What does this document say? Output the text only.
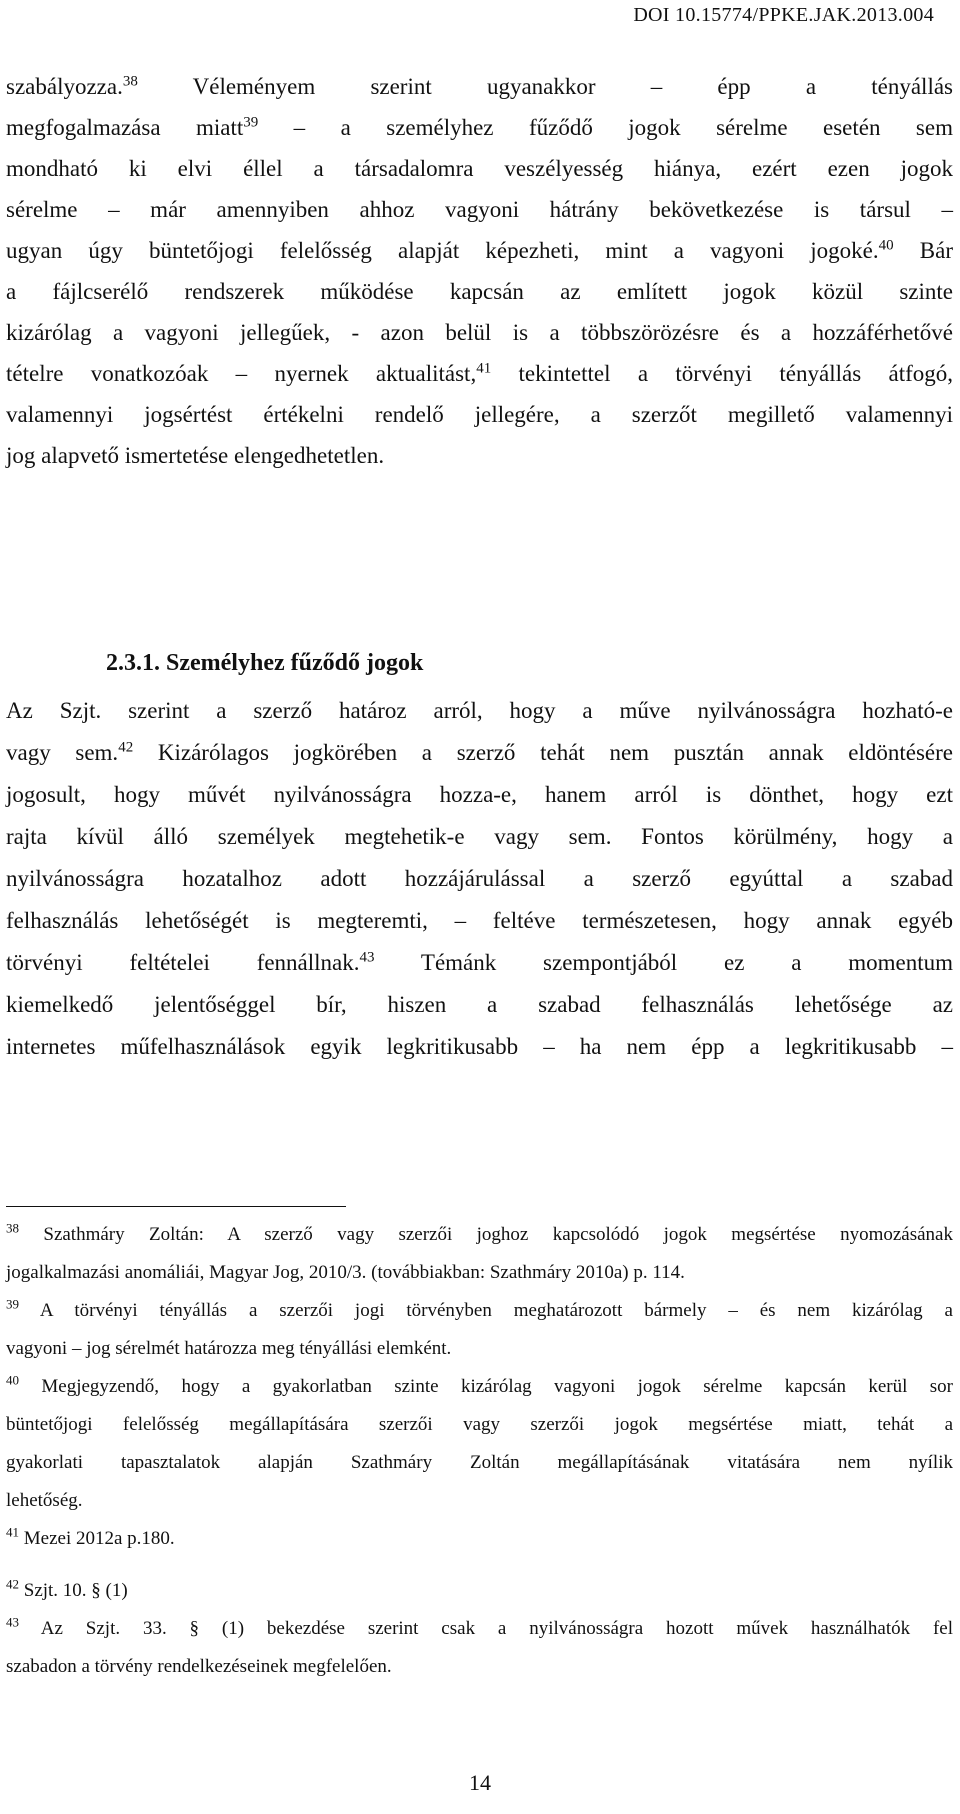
DOI 10.15774/PPKE.JAK.2013.004
szabályozza.$^{38}$ Véleményem szerint ugyanakkor – épp a tényállás
megfogalmazása miatt$^{39}$ – a személyhez fűződő jogok sérelme esetén sem
mondható ki elvi éllel a társadalomra veszélyesség hiánya, ezért ezen jogok
sérelme – már amennyiben ahhoz vagyoni hátrány bekövetkezése is társul –
ugyan úgy büntetőjogi felelősség alapját képezheti, mint a vagyoni jogoké.$^{40}$ Bár
a fájlcserélő rendszerek működése kapcsán az említett jogok közül szinte
kizárólag a vagyoni jellegűek, - azon belül is a többszörözésre és a hozzáférhetővé
tételre vonatkozóak – nyernek aktualitást,$^{41}$ tekintettel a törvényi tényállás átfogó,
valamennyi jogsértést értékelni rendelő jellegére, a szerzőt megillető valamennyi
jog alapvető ismertetése elengedhetetlen.
2.3.1. Személyhez fűződő jogok
Az Szjt. szerint a szerző határoz arról, hogy a műve nyilvánosságra hozható-e
vagy sem.$^{42}$ Kizárólagos jogkörében a szerző tehát nem pusztán annak eldöntésére
jogosult, hogy művét nyilvánosságra hozza-e, hanem arról is dönthet, hogy ezt
rajta kívül álló személyek megtehetik-e vagy sem. Fontos körülmény, hogy a
nyilvánosságra hozatalhoz adott hozzájárulással a szerző egyúttal a szabad
felhasználás lehetőségét is megteremti, – feltéve természetesen, hogy annak egyéb
törvényi feltételei fennállnak.$^{43}$ Témánk szempontjából ez a momentum
kiemelkedő jelentőséggel bír, hiszen a szabad felhasználás lehetősége az
internetes műfelhasználások egyik legkritikusabb – ha nem épp a legkritikusabb –
$^{38}$ Szathmáry Zoltán: A szerző vagy szerzői joghoz kapcsolódó jogok megsértése nyomozásának
jogalkalmazási anomáliái, Magyar Jog, 2010/3. (továbbiakban: Szathmáry 2010a) p. 114.
$^{39}$ A törvényi tényállás a szerzői jogi törvényben meghatározott bármely – és nem kizárólag a
vagyoni – jog sérelmét határozza meg tényállási elemként.
$^{40}$ Megjegyzendő, hogy a gyakorlatban szinte kizárólag vagyoni jogok sérelme kapcsán kerül sor
büntetőjogi felelősség megállapítására szerzői vagy szerzői jogok megsértése miatt, tehát a
gyakorlati tapasztalatok alapján Szathmáry Zoltán megállapításának vitatására nem nyílik
lehetőség.
$^{41}$ Mezei 2012a p.180.
$^{42}$ Szjt. 10. § (1)
$^{43}$ Az Szjt. 33. § (1) bekezdése szerint csak a nyilvánosságra hozott művek használhatók fel
szabadon a törvény rendelkezéseinek megfelelően.
14
